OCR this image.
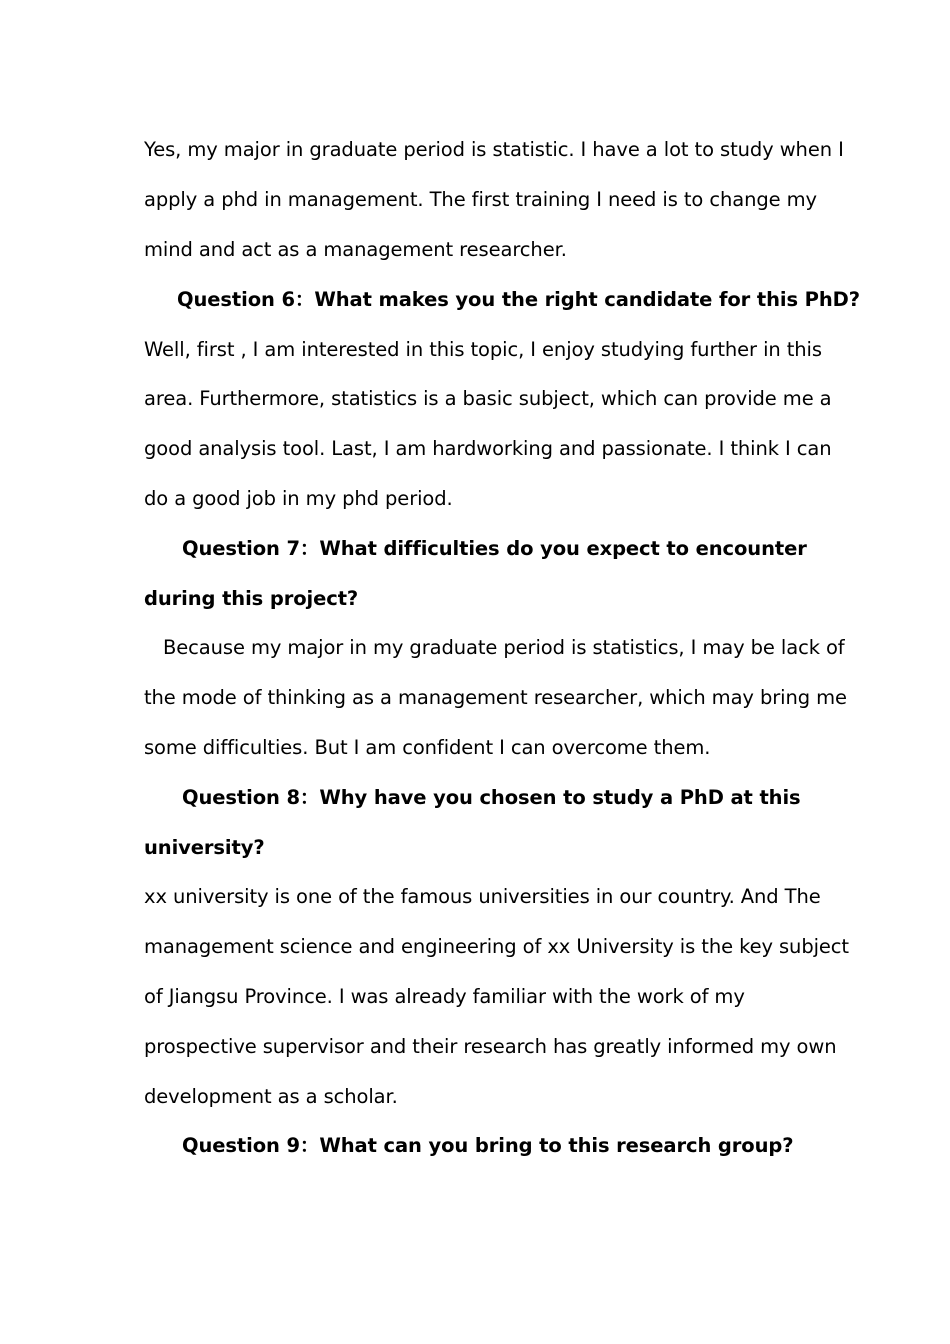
Yes, my major in graduate period is statistic. I have a lot to study when I
apply a phd in management. The first training I need is to change my
mind and act as a management researcher.
Question 6：What makes you the right candidate for this PhD?
Well, first , I am interested in this topic, I enjoy studying further in this
area. Furthermore, statistics is a basic subject, which can provide me a
good analysis tool. Last, I am hardworking and passionate. I think I can
do a good job in my phd period.
Question 7：What difficulties do you expect to encounter
during this project?
Because my major in my graduate period is statistics, I may be lack of
the mode of thinking as a management researcher, which may bring me
some difficulties. But I am confident I can overcome them.
Question 8：Why have you chosen to study a PhD at this
university?
xx university is one of the famous universities in our country. And The
management science and engineering of xx University is the key subject
of Jiangsu Province. I was already familiar with the work of my
prospective supervisor and their research has greatly informed my own
development as a scholar.
Question 9：What can you bring to this research group?
